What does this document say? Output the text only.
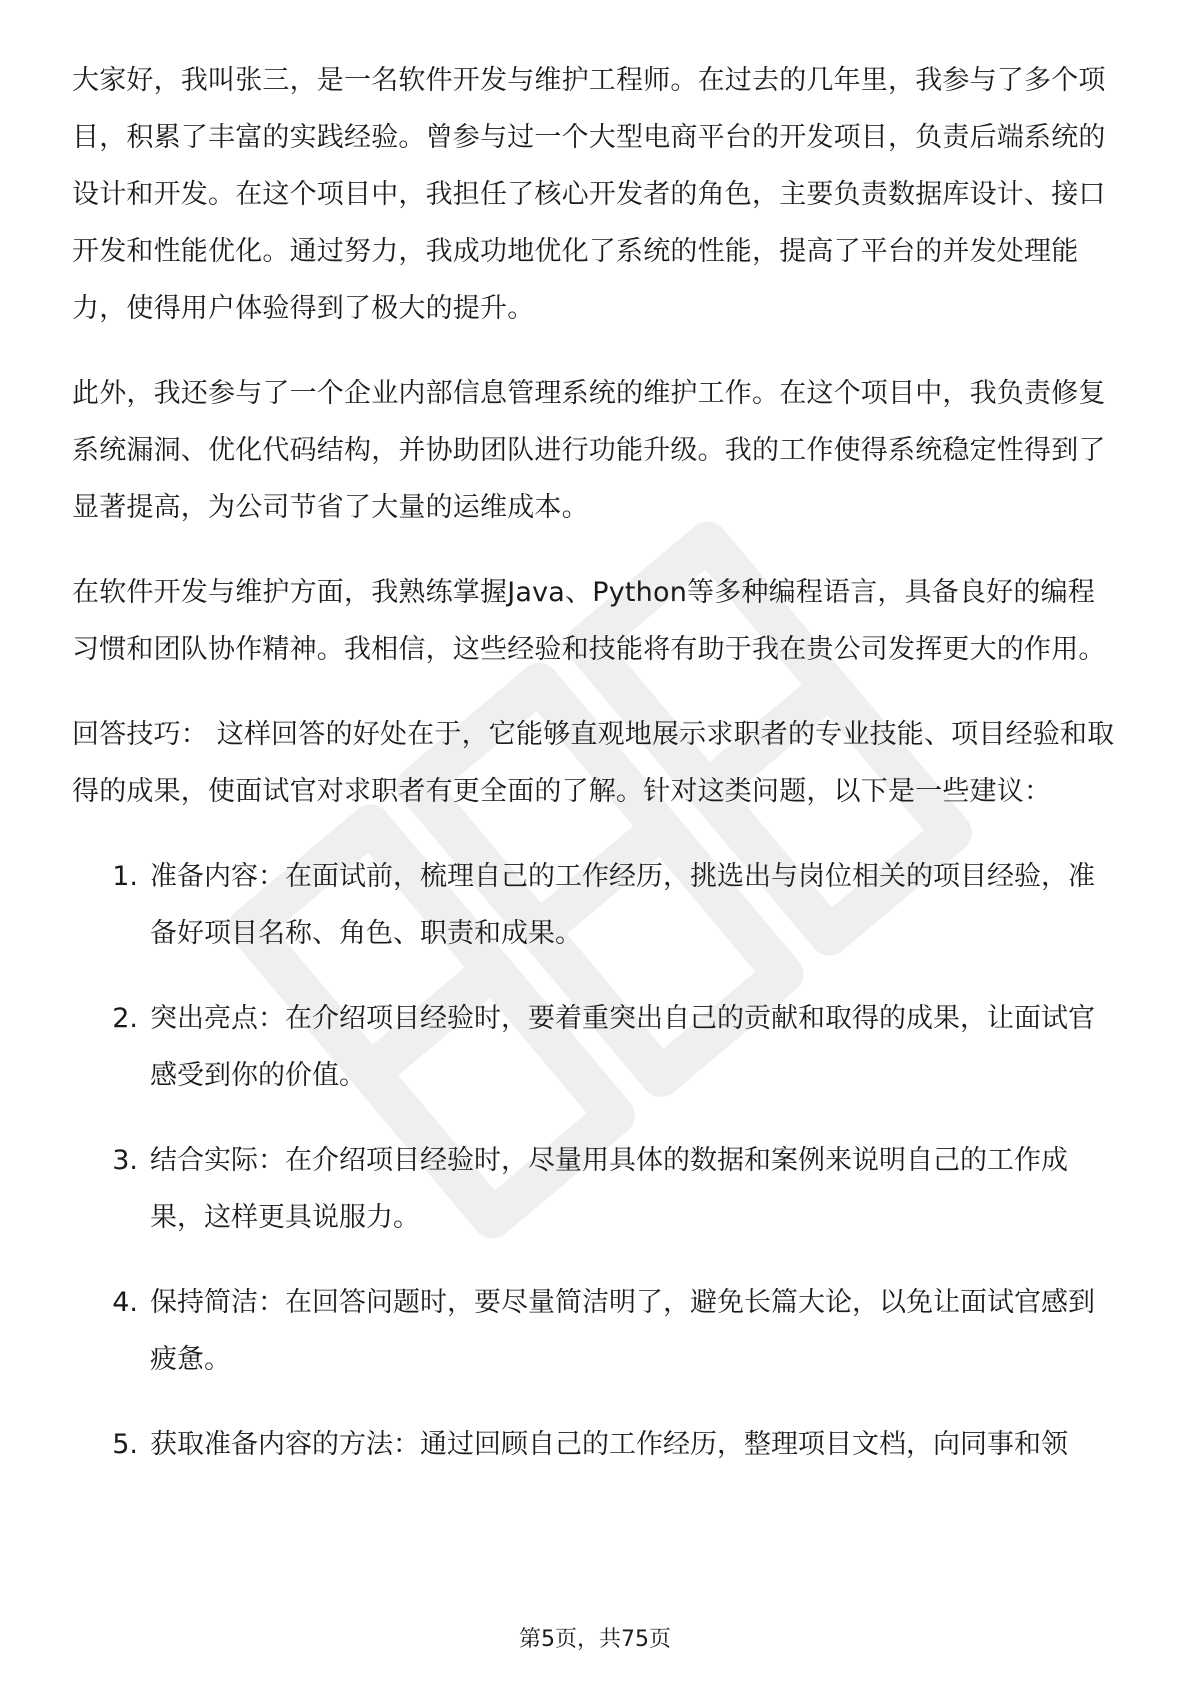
大家好，我叫张三，是一名软件开发与维护工程师。在过去的几年里，我参与了多个项目，积累了丰富的实践经验。曾参与过一个大型电商平台的开发项目，负责后端系统的设计和开发。在这个项目中，我担任了核心开发者的角色，主要负责数据库设计、接口开发和性能优化。通过努力，我成功地优化了系统的性能，提高了平台的并发处理能力，使得用户体验得到了极大的提升。

此外，我还参与了一个企业内部信息管理系统的维护工作。在这个项目中，我负责修复系统漏洞、优化代码结构，并协助团队进行功能升级。我的工作使得系统稳定性得到了显著提高，为公司节省了大量的运维成本。

在软件开发与维护方面，我熟练掌握Java、Python等多种编程语言，具备良好的编程习惯和团队协作精神。我相信，这些经验和技能将有助于我在贵公司发挥更大的作用。

回答技巧： 这样回答的好处在于，它能够直观地展示求职者的专业技能、项目经验和取得的成果，使面试官对求职者有更全面的了解。针对这类问题，以下是一些建议：

1. 准备内容：在面试前，梳理自己的工作经历，挑选出与岗位相关的项目经验，准备好项目名称、角色、职责和成果。
2. 突出亮点：在介绍项目经验时，要着重突出自己的贡献和取得的成果，让面试官感受到你的价值。
3. 结合实际：在介绍项目经验时，尽量用具体的数据和案例来说明自己的工作成果，这样更具说服力。
4. 保持简洁：在回答问题时，要尽量简洁明了，避免长篇大论，以免让面试官感到疲惫。
5. 获取准备内容的方法：通过回顾自己的工作经历，整理项目文档，向同事和领
第5页，共75页
